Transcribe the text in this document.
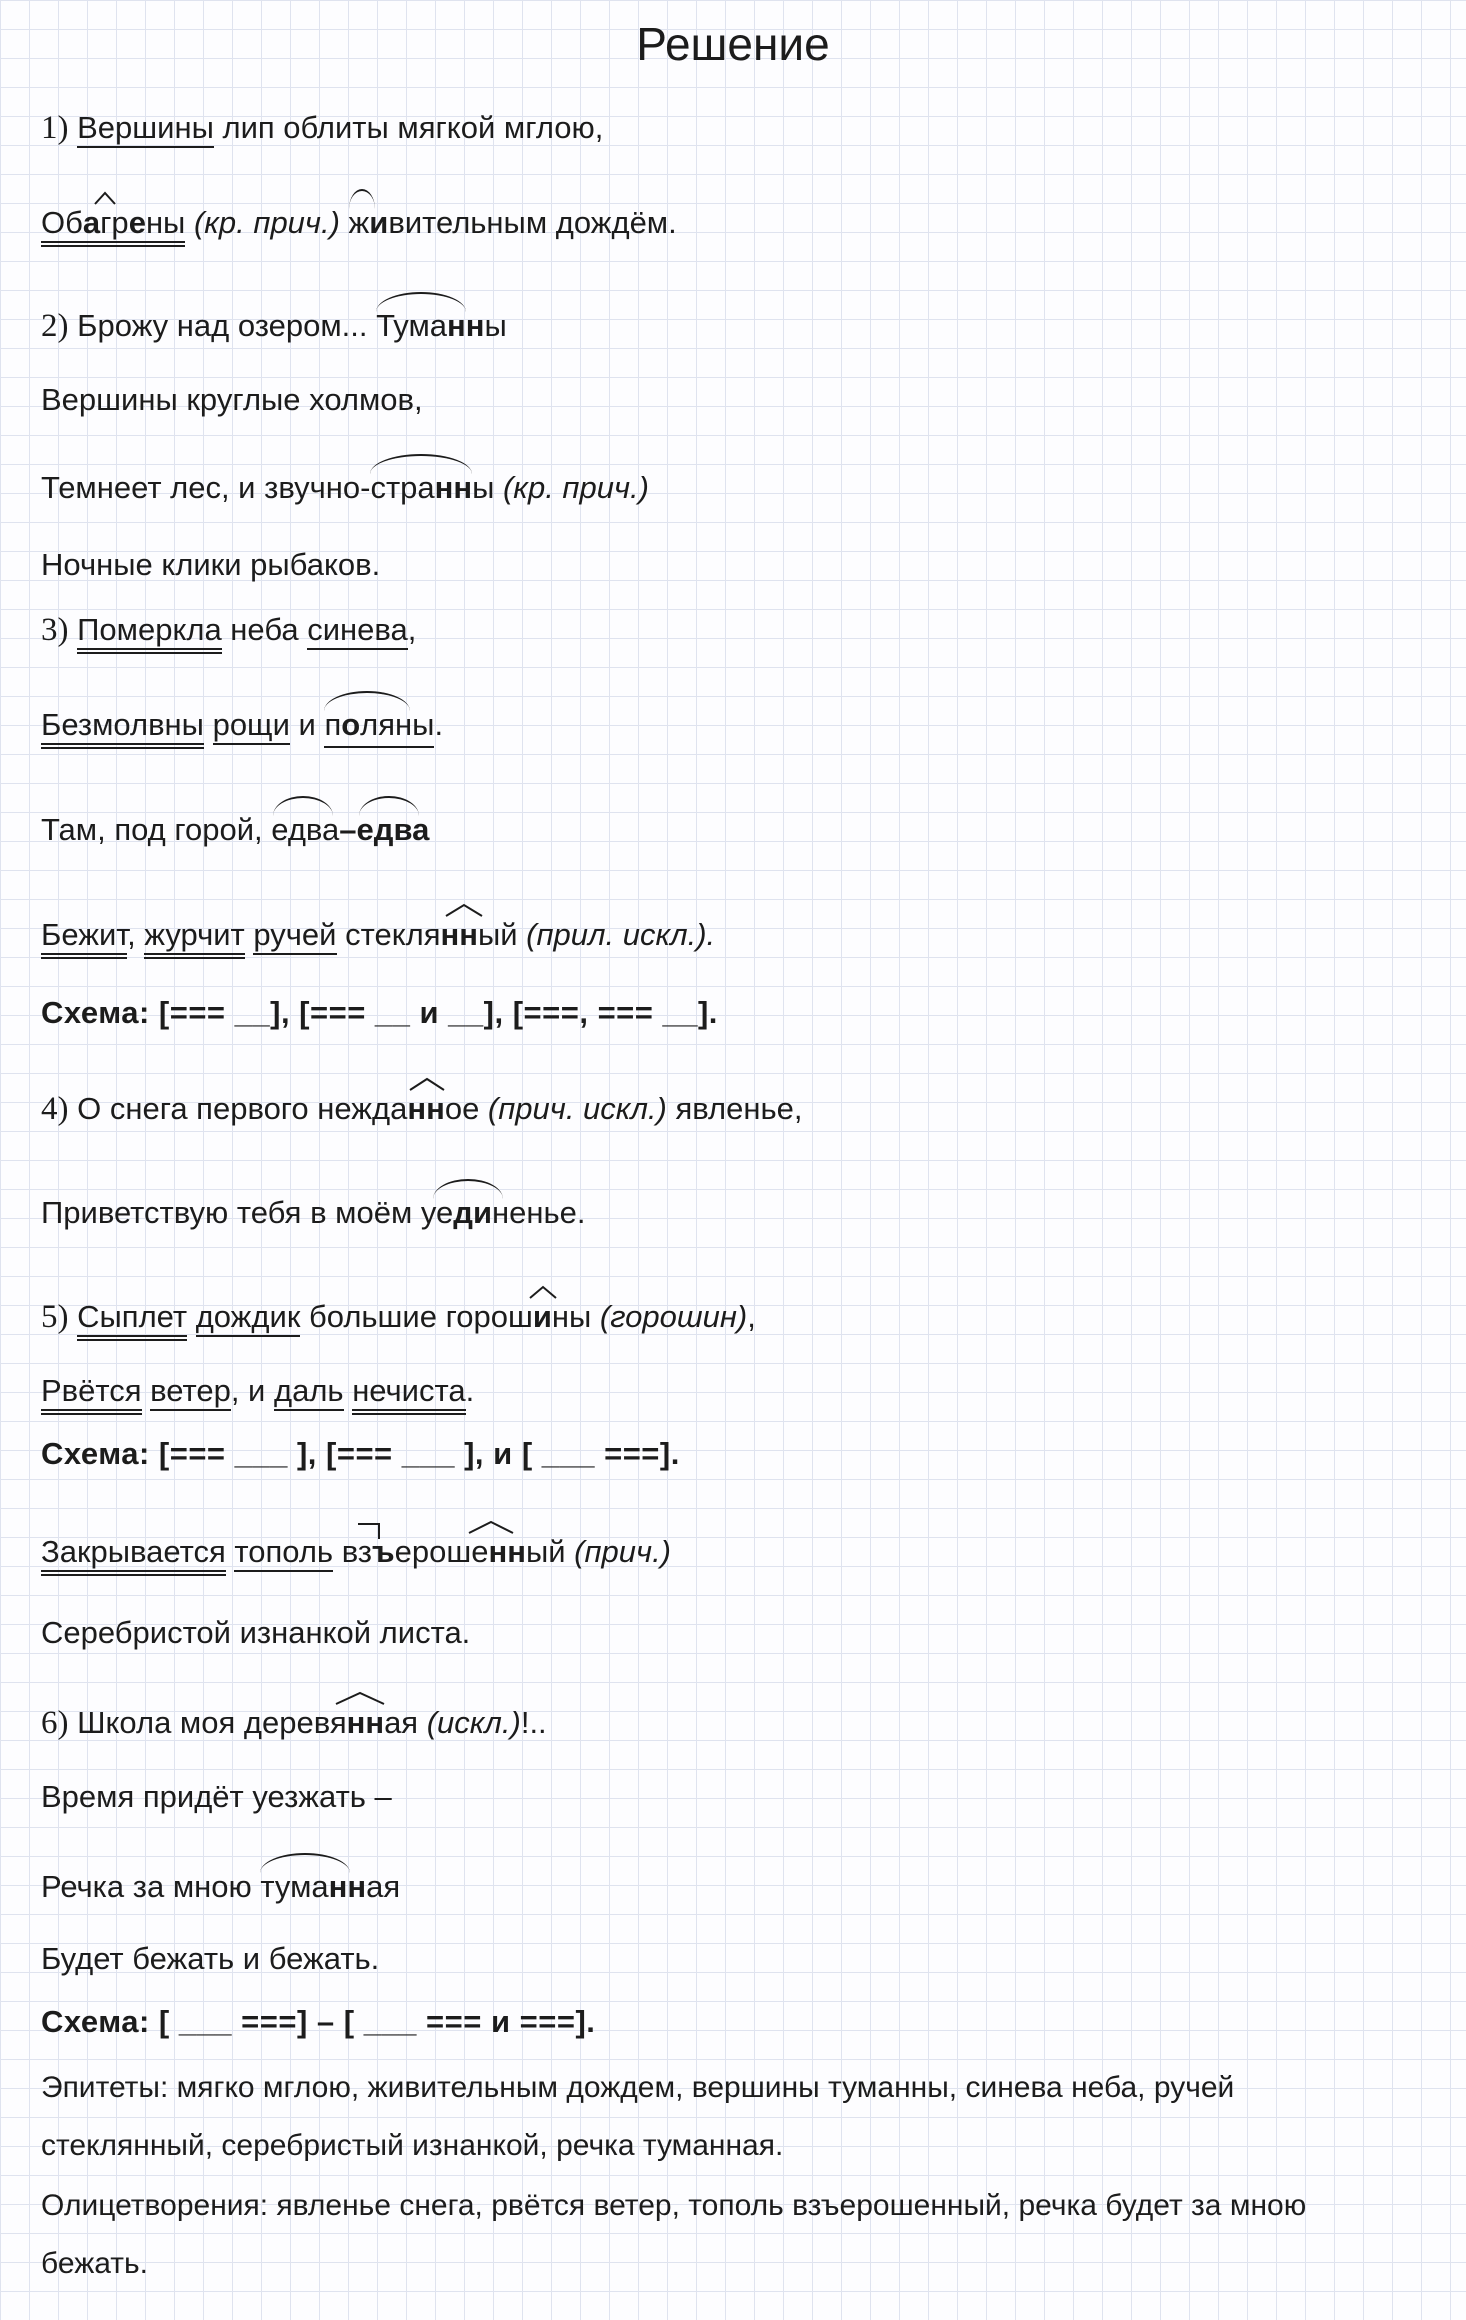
Решение
1) Вершины лип облиты мягкой мглою,
Оба
грены (кр. прич.)
живительным дождём.
2) Брожу над озером...
Туманны
Вершины круглые холмов,
Темнеет лес, и звучно-
странны (кр. прич.)
Ночные клики рыбаков.
3) Померкла неба синева,
Безмолвны рощи и
поляны.
Там, под горой,
едва–
едва
Бежит, журчит ручей стекля
нный (прил. искл.).
Схема: [=== __], [=== __ и __], [===, === __].
4) О снега первого нежда
нное (прич. искл.) явленье,
Приветствую тебя в моём уе
диненье.
5) Сыплет дождик большие горош
ины (горошин),
Рвётся ветер, и даль нечиста.
Схема: [=== ___ ], [=== ___ ], и [ ___ ===].
Закрывается тополь вз
ъероше
нный (прич.)
Серебристой изнанкой листа.
6) Школа моя деревя
нная (искл.)!..
Время придёт уезжать –
Речка за мною
туманная
Будет бежать и бежать.
Схема: [ ___ ===] – [ ___ === и ===].
Эпитеты: мягко мглою, живительным дождем, вершины туманны, синева неба, ручей
стеклянный, серебристый изнанкой, речка туманная.
Олицетворения: явленье снега, рвётся ветер, тополь взъерошенный, речка будет за мною
бежать.
